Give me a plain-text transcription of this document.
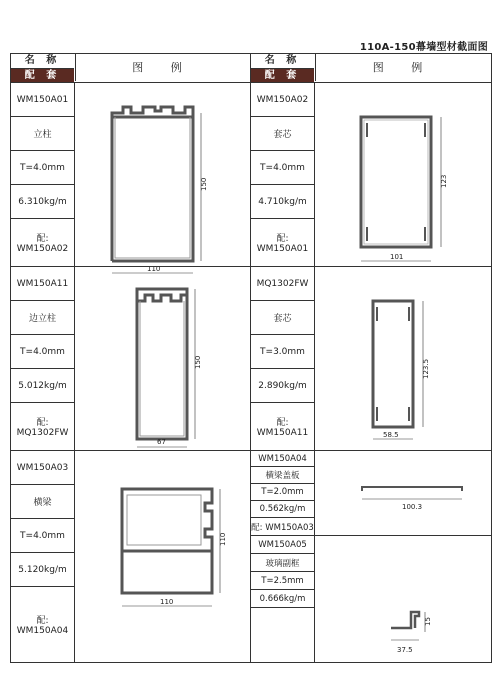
110A-150幕墙型材截面图
名 称
配 套
图 例
WM150A01
立柱
T=4.0mm
6.310kg/m
配: WM150A02
150
110
WM150A11
边立柱
T=4.0mm
5.012kg/m
配: MQ1302FW
150
67
WM150A03
横梁
T=4.0mm
5.120kg/m
配: WM150A04
110
110
名 称
配 套
图 例
WM150A02
套芯
T=4.0mm
4.710kg/m
配: WM150A01
123
101
MQ1302FW
套芯
T=3.0mm
2.890kg/m
配: WM150A11
123.5
58.5
WM150A04
横梁盖板
T=2.0mm
0.562kg/m
配: WM150A03
100.3
WM150A05
玻璃副框
T=2.5mm
0.666kg/m
15
37.5
